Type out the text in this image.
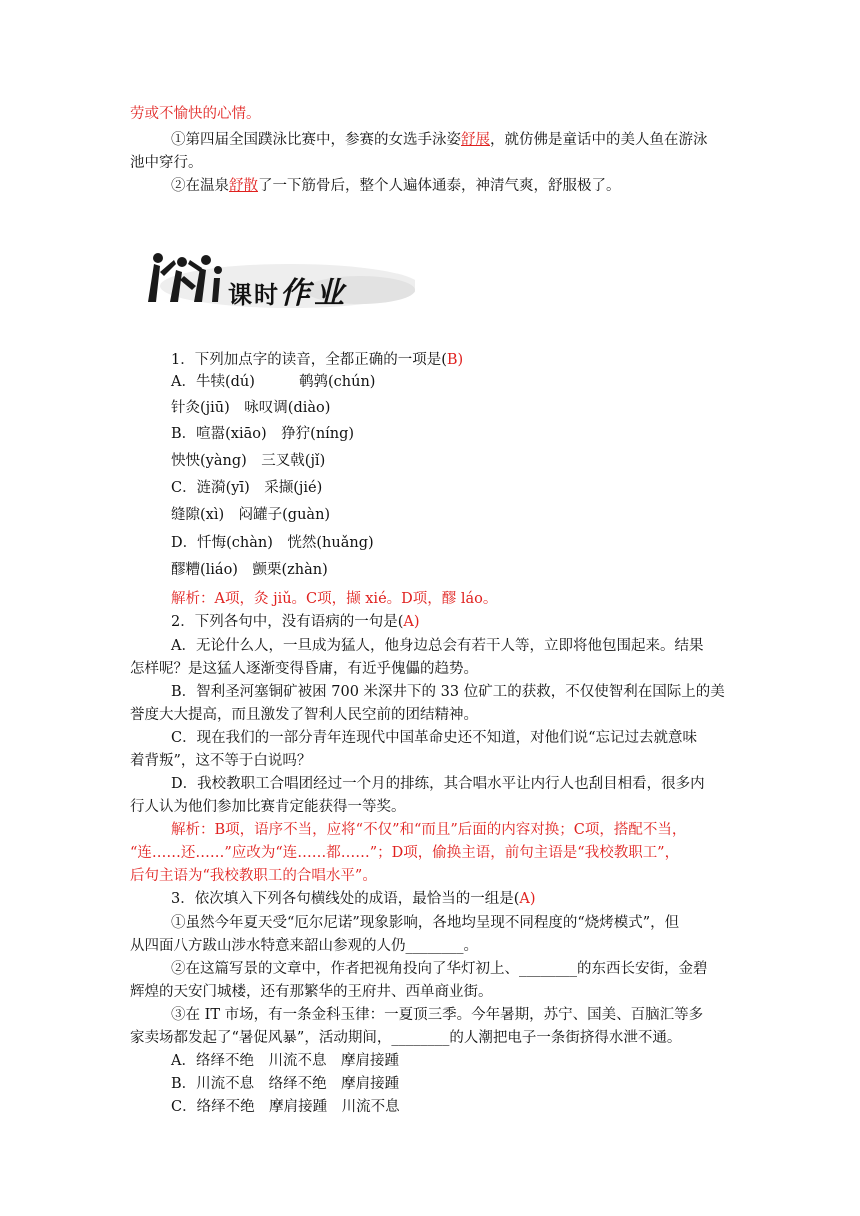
劳或不愉快的心情。
①第四届全国蹼泳比赛中，参赛的女选手泳姿舒展，就仿佛是童话中的美人鱼在游泳
池中穿行。
②在温泉舒散了一下筋骨后，整个人遍体通泰，神清气爽，舒服极了。
课时作业
1．下列加点字的读音，全都正确的一项是(B)
A．牛犊(dú)	鹌鹑(chún)
针灸(jiū)　 咏叹调(diào)
B．喧嚣(xiāo)　 狰狞(níng)
怏怏(yàng)　 三叉戟(jǐ)
C．涟漪(yī)　 采撷(jié)
缝隙(xì)　 闷罐子(guàn)
D．忏悔(chàn)　 恍然(huǎng)
醪糟(liáo)　 颤栗(zhàn)
解析：A项，灸 jiǔ。C项，撷 xié。D项，醪 láo。
2．下列各句中，没有语病的一句是(A)
A．无论什么人，一旦成为猛人，他身边总会有若干人等，立即将他包围起来。结果
怎样呢？是这猛人逐渐变得昏庸，有近乎傀儡的趋势。
B．智利圣河塞铜矿被困 700 米深井下的 33 位矿工的获救，不仅使智利在国际上的美
誉度大大提高，而且激发了智利人民空前的团结精神。
C．现在我们的一部分青年连现代中国革命史还不知道，对他们说“忘记过去就意味
着背叛”，这不等于白说吗？
D．我校教职工合唱团经过一个月的排练，其合唱水平让内行人也刮目相看，很多内
行人认为他们参加比赛肯定能获得一等奖。
解析：B项，语序不当，应将“不仅”和“而且”后面的内容对换；C项，搭配不当，
“连……还……”应改为“连……都……”；D项，偷换主语，前句主语是“我校教职工”，
后句主语为“我校教职工的合唱水平”。
3．依次填入下列各句横线处的成语，最恰当的一组是(A)
①虽然今年夏天受“厄尔尼诺”现象影响，各地均呈现不同程度的“烧烤模式”，但
从四面八方跋山涉水特意来韶山参观的人仍________。
②在这篇写景的文章中，作者把视角投向了华灯初上、________的东西长安街，金碧
辉煌的天安门城楼，还有那繁华的王府井、西单商业街。
③在 IT 市场，有一条金科玉律：一夏顶三季。今年暑期，苏宁、国美、百脑汇等多
家卖场都发起了“暑促风暴”，活动期间，________的人潮把电子一条街挤得水泄不通。
A．络绎不绝　川流不息　摩肩接踵
B．川流不息　络绎不绝　摩肩接踵
C．络绎不绝　摩肩接踵　川流不息
